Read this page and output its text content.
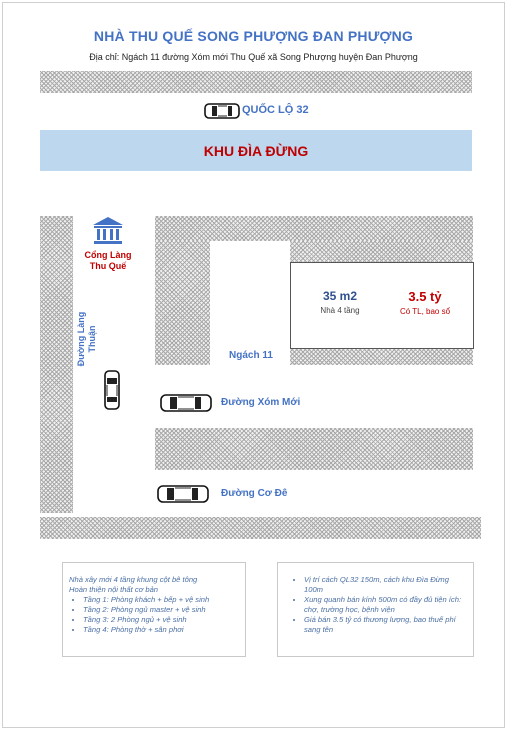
NHÀ THU QUẾ SONG PHƯỢNG ĐAN PHƯỢNG
Địa chỉ: Ngách 11 đường Xóm mới Thu Quế xã Song Phượng huyện Đan Phượng
QUỐC LỘ 32
KHU ĐÌA ĐỪNG
Cổng Làng
Thu Quế
Đường Làng Thuận
35 m2
Nhà 4 tầng
3.5 tỷ
Có TL, bao sổ
Ngách 11
Đường Xóm Mới
Đường Cơ Đê
Nhà xây mới 4 tầng khung cột bê tông
Hoàn thiện nội thất cơ bản
• Tầng 1: Phòng khách + bếp + vệ sinh
• Tầng 2: Phòng ngủ master + vệ sinh
• Tầng 3: 2 Phòng ngủ + vệ sinh
• Tầng 4: Phòng thờ + sân phơi
• Vị trí cách QL32 150m, cách khu Đìa Đừng 100m
• Xung quanh bán kính 500m có đầy đủ tiện ích: chợ, trường học, bệnh viện
• Giá bán 3.5 tỷ có thương lượng, bao thuế phí sang tên
